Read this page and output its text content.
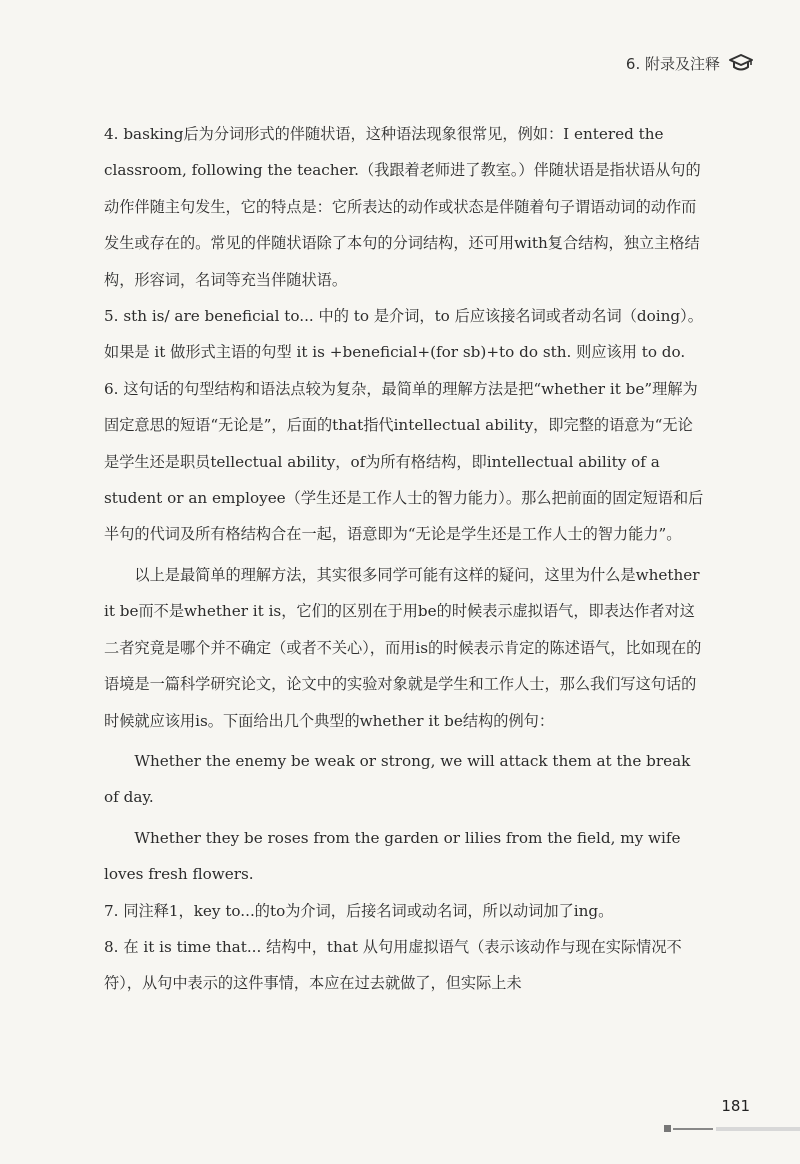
6. 附录及注释

4. basking后为分词形式的伴随状语，这种语法现象很常见，例如：I entered the classroom, following the teacher.（我跟着老师进了教室。）伴随状语是指状语从句的动作伴随主句发生，它的特点是：它所表达的动作或状态是伴随着句子谓语动词的动作而发生或存在的。常见的伴随状语除了本句的分词结构，还可用with复合结构，独立主格结构，形容词，名词等充当伴随状语。

5. sth is/ are beneficial to... 中的 to 是介词，to 后应该接名词或者动名词（doing）。如果是 it 做形式主语的句型 it is +beneficial+(for sb)+to do sth. 则应该用 to do.

6. 这句话的句型结构和语法点较为复杂，最简单的理解方法是把“whether it be”理解为固定意思的短语“无论是”，后面的that指代intellectual ability，即完整的语意为“无论是学生还是职员tellectual ability，of为所有格结构，即intellectual ability of a student or an employee（学生还是工作人士的智力能力）。那么把前面的固定短语和后半句的代词及所有格结构合在一起，语意即为“无论是学生还是工作人士的智力能力”。

以上是最简单的理解方法，其实很多同学可能有这样的疑问，这里为什么是whether it be而不是whether it is，它们的区别在于用be的时候表示虚拟语气，即表达作者对这二者究竟是哪个并不确定（或者不关心），而用is的时候表示肯定的陈述语气，比如现在的语境是一篇科学研究论文，论文中的实验对象就是学生和工作人士，那么我们写这句话的时候就应该用is。下面给出几个典型的whether it be结构的例句：

Whether the enemy be weak or strong, we will attack them at the break of day.

Whether they be roses from the garden or lilies from the field, my wife loves fresh flowers.

7. 同注释1，key to...的to为介词，后接名词或动名词，所以动词加了ing。

8. 在 it is time that... 结构中，that 从句用虚拟语气（表示该动作与现在实际情况不符），从句中表示的这件事情，本应在过去就做了，但实际上未

181
